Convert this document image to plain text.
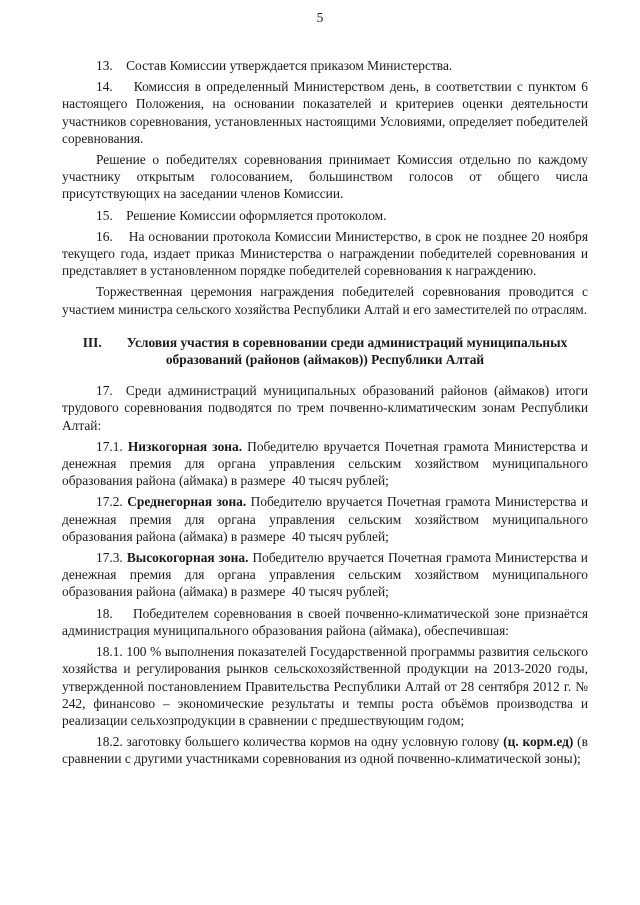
5

13.    Состав Комиссии утверждается приказом Министерства.

14.    Комиссия в определенный Министерством день, в соответствии с пунктом 6 настоящего Положения, на основании показателей и критериев оценки деятельности участников соревнования, установленных настоящими Условиями, определяет победителей соревнования.

Решение о победителях соревнования принимает Комиссия отдельно по каждому участнику открытым голосованием, большинством голосов от общего числа присутствующих на заседании членов Комиссии.

15.    Решение Комиссии оформляется протоколом.

16.    На основании протокола Комиссии Министерство, в срок не позднее 20 ноября текущего года, издает приказ Министерства о награждении победителей соревнования и представляет в установленном порядке победителей соревнования к награждению.

Торжественная церемония награждения победителей соревнования проводится с участием министра сельского хозяйства Республики Алтай и его заместителей по отраслям.

III. Условия участия в соревновании среди администраций муниципальных образований (районов (аймаков)) Республики Алтай

17.  Среди администраций муниципальных образований районов (аймаков) итоги трудового соревнования подводятся по трем почвенно-климатическим зонам Республики Алтай:

17.1. Низкогорная зона. Победителю вручается Почетная грамота Министерства и денежная премия для органа управления сельским хозяйством муниципального образования района (аймака) в размере  40 тысяч рублей;

17.2. Среднегорная зона. Победителю вручается Почетная грамота Министерства и денежная премия для органа управления сельским хозяйством муниципального образования района (аймака) в размере  40 тысяч рублей;

17.3. Высокогорная зона. Победителю вручается Почетная грамота Министерства и денежная премия для органа управления сельским хозяйством муниципального образования района (аймака) в размере  40 тысяч рублей;

18.    Победителем соревнования в своей почвенно-климатической зоне признаётся администрация муниципального образования района (аймака), обеспечившая:

18.1. 100 % выполнения показателей Государственной программы развития сельского хозяйства и регулирования рынков сельскохозяйственной продукции на 2013-2020 годы, утвержденной постановлением Правительства Республики Алтай от 28 сентября 2012 г. № 242, финансово – экономические результаты и темпы роста объёмов производства и реализации сельхозпродукции в сравнении с предшествующим годом;

18.2. заготовку большего количества кормов на одну условную голову (ц. корм.ед) (в сравнении с другими участниками соревнования из одной почвенно-климатической зоны);
